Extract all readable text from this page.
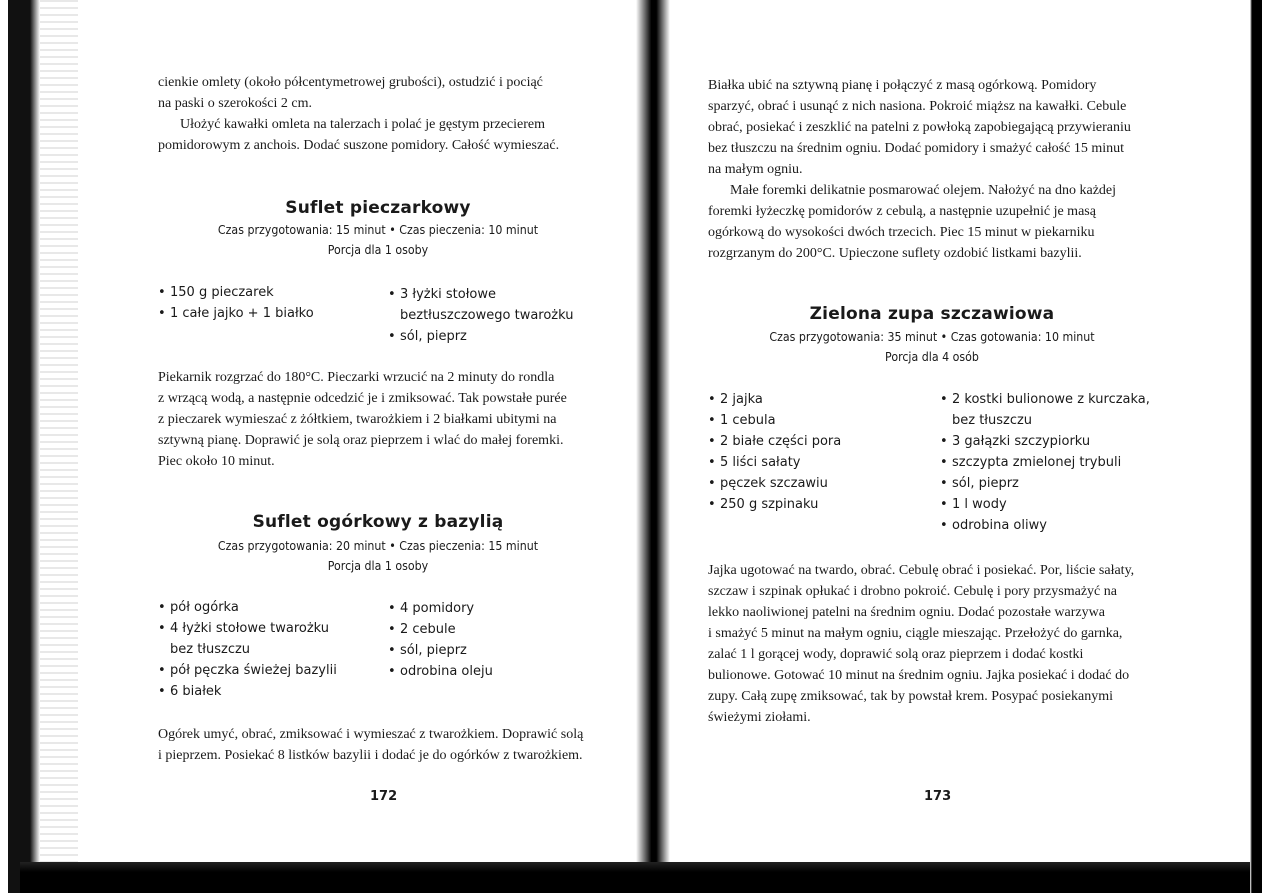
cienkie omlety (około półcentymetrowej grubości), ostudzić i pociąć

na paski o szerokości 2 cm.

Ułożyć kawałki omleta na talerzach i polać je gęstym przecierem

pomidorowym z anchois. Dodać suszone pomidory. Całość wymieszać.

Suflet pieczarkowy
Czas przygotowania: 15 minut • Czas pieczenia: 10 minut
Porcja dla 1 osoby
• 150 g pieczarek
• 1 całe jajko + 1 białko
• 3 łyżki stołowe
beztłuszczowego twarożku
• sól, pieprz

Piekarnik rozgrzać do 180°C. Pieczarki wrzucić na 2 minuty do rondla

z wrzącą wodą, a następnie odcedzić je i zmiksować. Tak powstałe purée

z pieczarek wymieszać z żółtkiem, twarożkiem i 2 białkami ubitymi na

sztywną pianę. Doprawić je solą oraz pieprzem i wlać do małej foremki.

Piec około 10 minut.

Suflet ogórkowy z bazylią
Czas przygotowania: 20 minut • Czas pieczenia: 15 minut
Porcja dla 1 osoby
• pół ogórka
• 4 łyżki stołowe twarożku
bez tłuszczu
• pół pęczka świeżej bazylii
• 6 białek
• 4 pomidory
• 2 cebule
• sól, pieprz
• odrobina oleju

Ogórek umyć, obrać, zmiksować i wymieszać z twarożkiem. Doprawić solą

i pieprzem. Posiekać 8 listków bazylii i dodać je do ogórków z twarożkiem.

172

Białka ubić na sztywną pianę i połączyć z masą ogórkową. Pomidory

sparzyć, obrać i usunąć z nich nasiona. Pokroić miąższ na kawałki. Cebule

obrać, posiekać i zeszklić na patelni z powłoką zapobiegającą przywieraniu

bez tłuszczu na średnim ogniu. Dodać pomidory i smażyć całość 15 minut

na małym ogniu.

Małe foremki delikatnie posmarować olejem. Nałożyć na dno każdej

foremki łyżeczkę pomidorów z cebulą, a następnie uzupełnić je masą

ogórkową do wysokości dwóch trzecich. Piec 15 minut w piekarniku

rozgrzanym do 200°C. Upieczone suflety ozdobić listkami bazylii.

Zielona zupa szczawiowa
Czas przygotowania: 35 minut • Czas gotowania: 10 minut
Porcja dla 4 osób
• 2 jajka
• 1 cebula
• 2 białe części pora
• 5 liści sałaty
• pęczek szczawiu
• 250 g szpinaku
• 2 kostki bulionowe z kurczaka,
bez tłuszczu
• 3 gałązki szczypiorku
• szczypta zmielonej trybuli
• sól, pieprz
• 1 l wody
• odrobina oliwy

Jajka ugotować na twardo, obrać. Cebulę obrać i posiekać. Por, liście sałaty,

szczaw i szpinak opłukać i drobno pokroić. Cebulę i pory przysmażyć na

lekko naoliwionej patelni na średnim ogniu. Dodać pozostałe warzywa

i smażyć 5 minut na małym ogniu, ciągle mieszając. Przełożyć do garnka,

zalać 1 l gorącej wody, doprawić solą oraz pieprzem i dodać kostki

bulionowe. Gotować 10 minut na średnim ogniu. Jajka posiekać i dodać do

zupy. Całą zupę zmiksować, tak by powstał krem. Posypać posiekanymi

świeżymi ziołami.

173
